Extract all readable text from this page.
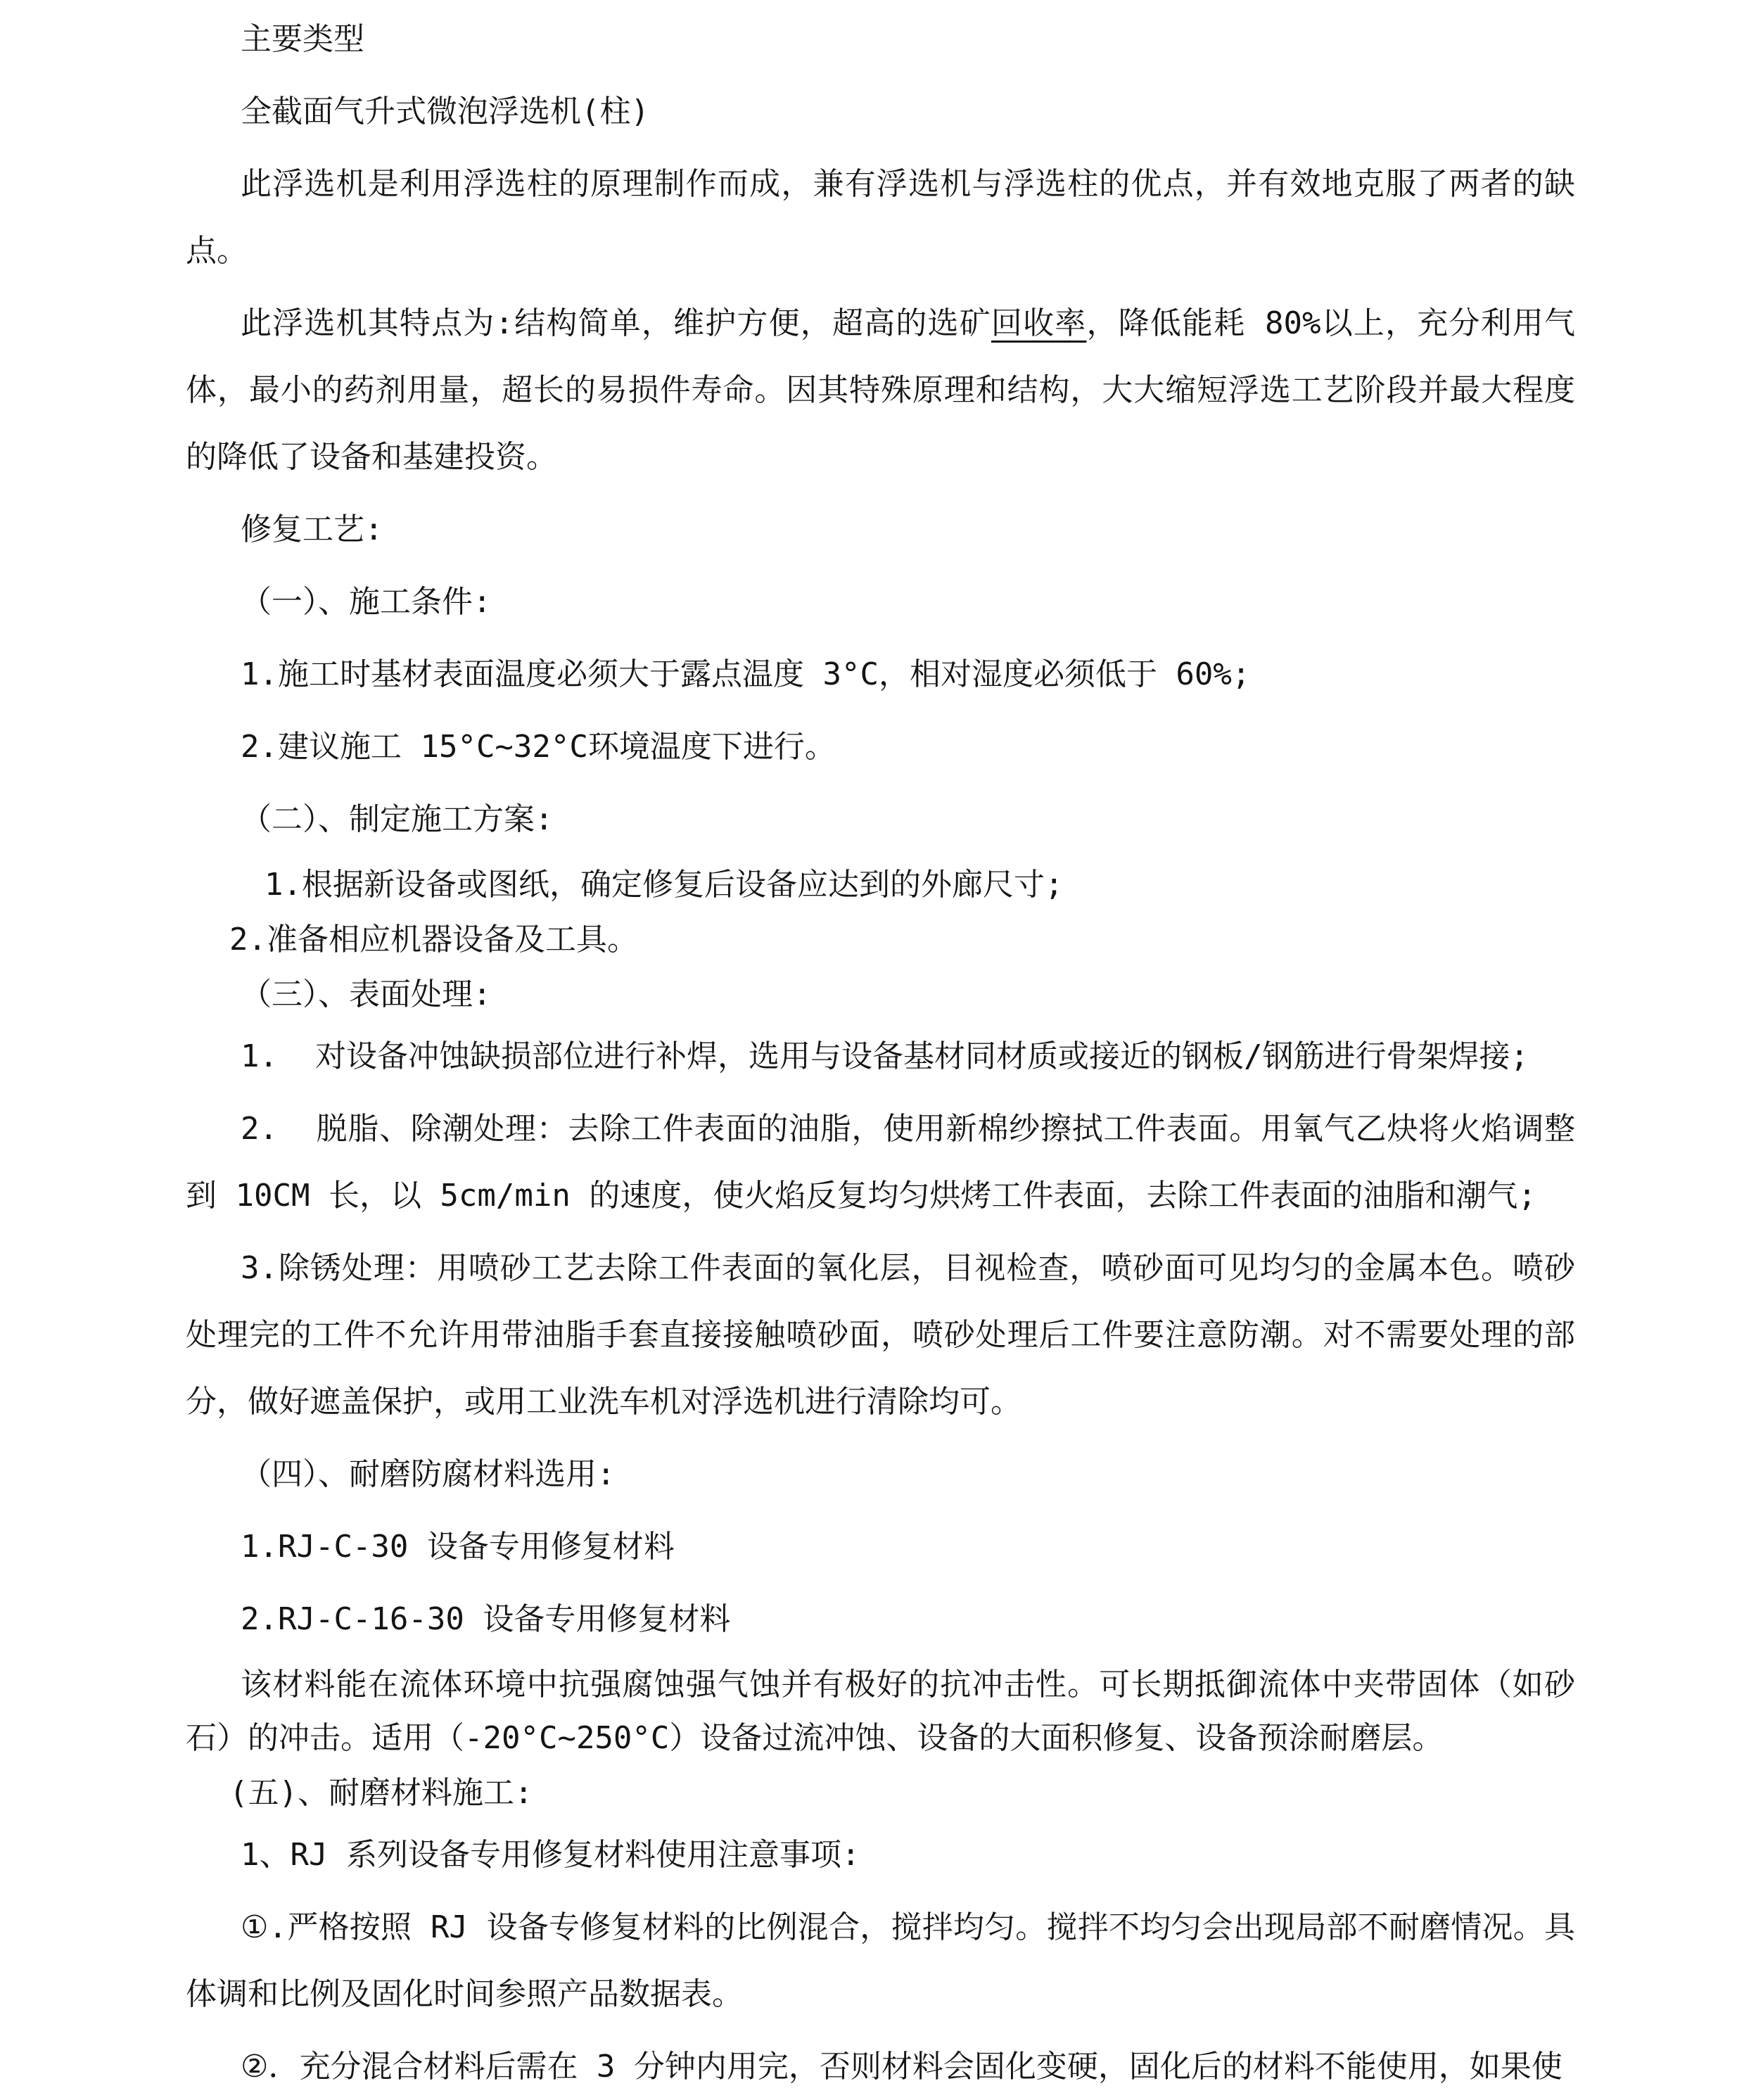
主要类型

全截面气升式微泡浮选机(柱)

此浮选机是利用浮选柱的原理制作而成，兼有浮选机与浮选柱的优点，并有效地克服了两者的缺点。

此浮选机其特点为:结构简单，维护方便，超高的选矿回收率，降低能耗 80%以上，充分利用气体，最小的药剂用量，超长的易损件寿命。因其特殊原理和结构，大大缩短浮选工艺阶段并最大程度的降低了设备和基建投资。

修复工艺:

（一）、施工条件:

1.施工时基材表面温度必须大于露点温度 3°C，相对湿度必须低于 60%;

2.建议施工 15°C~32°C环境温度下进行。

（二）、制定施工方案:

1.根据新设备或图纸，确定修复后设备应达到的外廊尺寸;

2.准备相应机器设备及工具。

（三）、表面处理:

1.  对设备冲蚀缺损部位进行补焊，选用与设备基材同材质或接近的钢板/钢筋进行骨架焊接;

2.  脱脂、除潮处理：去除工件表面的油脂，使用新棉纱擦拭工件表面。用氧气乙炔将火焰调整到 10CM 长，以 5cm/min 的速度，使火焰反复均匀烘烤工件表面，去除工件表面的油脂和潮气;

3.除锈处理：用喷砂工艺去除工件表面的氧化层，目视检查，喷砂面可见均匀的金属本色。喷砂处理完的工件不允许用带油脂手套直接接触喷砂面，喷砂处理后工件要注意防潮。对不需要处理的部分，做好遮盖保护，或用工业洗车机对浮选机进行清除均可。

（四）、耐磨防腐材料选用:

1.RJ-C-30 设备专用修复材料

2.RJ-C-16-30 设备专用修复材料

该材料能在流体环境中抗强腐蚀强气蚀并有极好的抗冲击性。可长期抵御流体中夹带固体（如砂石）的冲击。适用（-20°C~250°C）设备过流冲蚀、设备的大面积修复、设备预涂耐磨层。

(五)、耐磨材料施工:

1、RJ 系列设备专用修复材料使用注意事项:

①.严格按照 RJ 设备专修复材料的比例混合，搅拌均匀。搅拌不均匀会出现局部不耐磨情况。具体调和比例及固化时间参照产品数据表。

②．充分混合材料后需在 3 分钟内用完，否则材料会固化变硬，固化后的材料不能使用，如果使
